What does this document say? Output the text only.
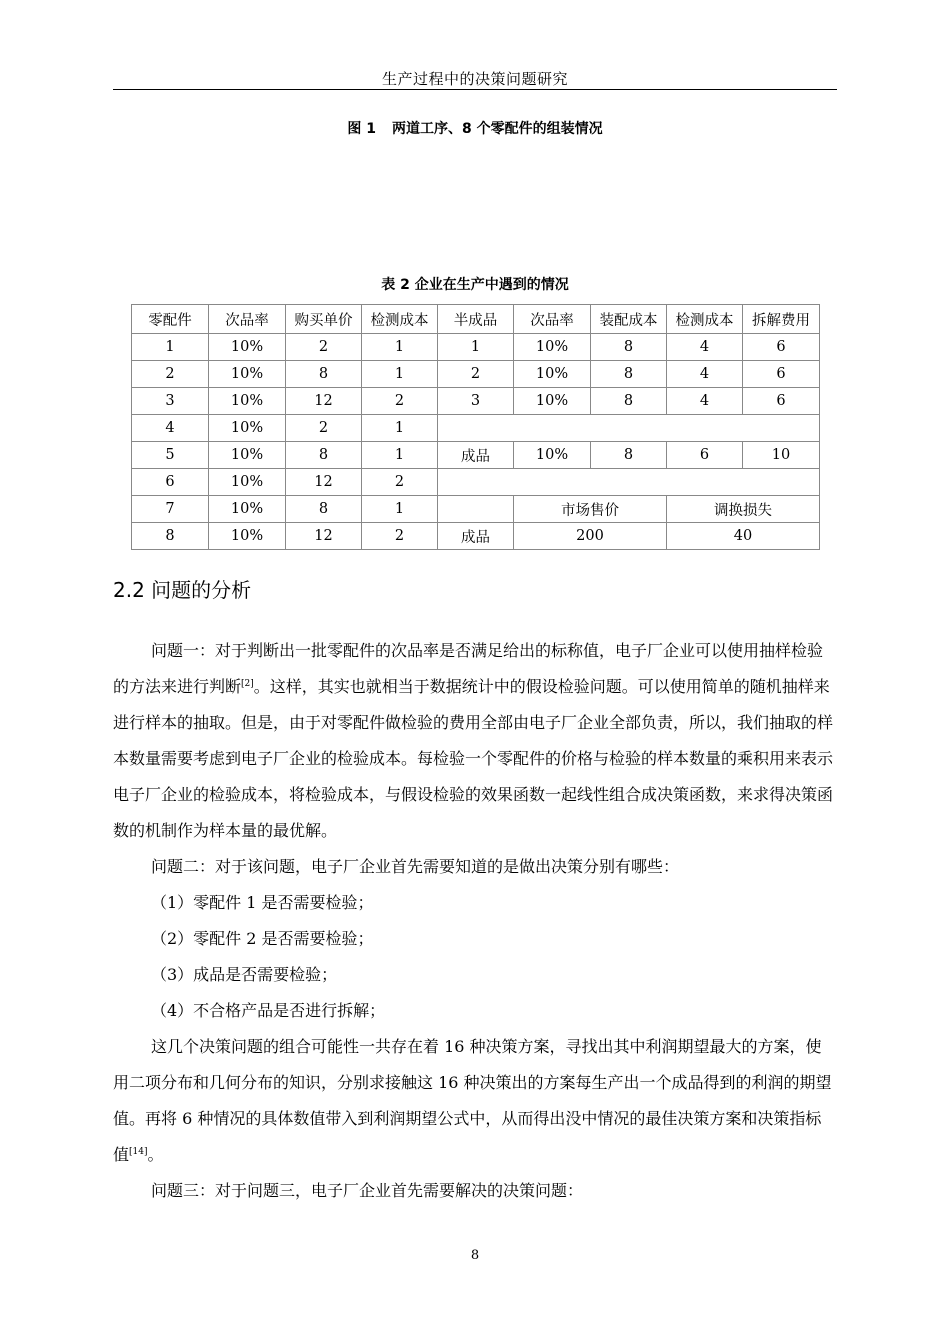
生产过程中的决策问题研究
图 1 两道工序、8 个零配件的组装情况
表 2 企业在生产中遇到的情况
零配件	次品率	购买单价	检测成本	半成品	次品率	装配成本	检测成本	拆解费用
1	10%	2	1	1	10%	8	4	6
2	10%	8	1	2	10%	8	4	6
3	10%	12	2	3	10%	8	4	6
4	10%	2	1					
5	10%	8	1	成品	10%	8	6	10
6	10%	12	2					
7	10%	8	1		市场售价		调换损失	
8	10%	12	2	成品	200		40	
2.2 问题的分析

问题一：对于判断出一批零配件的次品率是否满足给出的标称值，电子厂企业可以使用抽样检验的方法来进行判断[2]。这样，其实也就相当于数据统计中的假设检验问题。可以使用简单的随机抽样来进行样本的抽取。但是，由于对零配件做检验的费用全部由电子厂企业全部负责，所以，我们抽取的样本数量需要考虑到电子厂企业的检验成本。每检验一个零配件的价格与检验的样本数量的乘积用来表示电子厂企业的检验成本，将检验成本，与假设检验的效果函数一起线性组合成决策函数，来求得决策函数的机制作为样本量的最优解。

问题二：对于该问题，电子厂企业首先需要知道的是做出决策分别有哪些：

（1）零配件 1 是否需要检验；

（2）零配件 2 是否需要检验；

（3）成品是否需要检验；

（4）不合格产品是否进行拆解；

这几个决策问题的组合可能性一共存在着 16 种决策方案，寻找出其中利润期望最大的方案，使用二项分布和几何分布的知识，分别求接触这 16 种决策出的方案每生产出一个成品得到的利润的期望值。再将 6 种情况的具体数值带入到利润期望公式中，从而得出没中情况的最佳决策方案和决策指标值[14]。

问题三：对于问题三，电子厂企业首先需要解决的决策问题：

8
